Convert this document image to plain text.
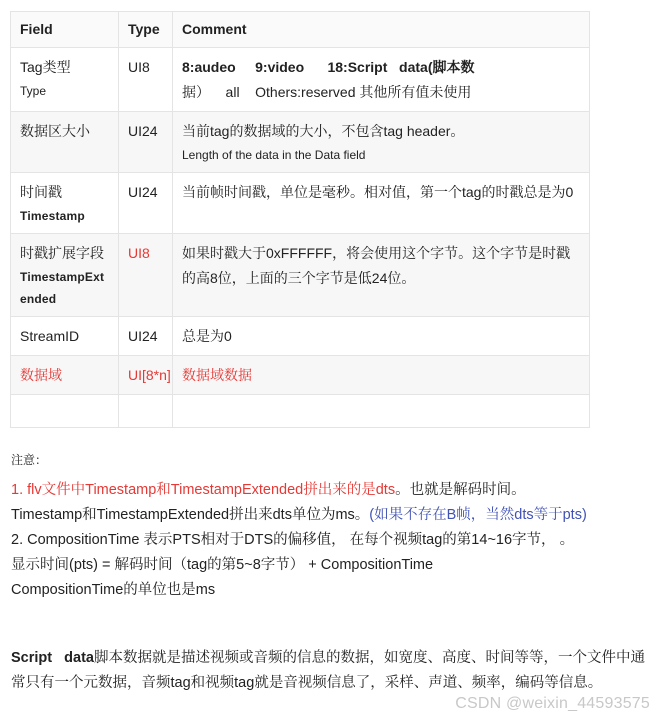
Field	Type	Comment
Tag类型
Type	UI8	8:audeo     9:video      18:Script   data(脚本数
据）    all    Others:reserved 其他所有值未使用

数据区大小	UI24	当前tag的数据域的大小，不包含tag header。
Length of the data in the Data field

时间戳
Timestamp	UI24	当前帧时间戳，单位是毫秒。相对值，第一个tag的时戳总是为0
时戳扩展字段
TimestampExtended	UI8	如果时戳大于0xFFFFFF，将会使用这个字节。这个字节是时戳的高8位，上面的三个字节是低24位。
StreamID	UI24	总是为0
数据域	UI[8*n]	数据域数据

注意：
1. flv文件中Timestamp和TimestampExtended拼出来的是dts。也就是解码时间。
Timestamp和TimestampExtended拼出来dts单位为ms。(如果不存在B帧，当然dts等于pts)
2. CompositionTime 表示PTS相对于DTS的偏移值， 在每个视频tag的第14~16字节， 。
显示时间(pts) = 解码时间（tag的第5~8字节） + CompositionTime
CompositionTime的单位也是ms
Script   data脚本数据就是描述视频或音频的信息的数据，如宽度、高度、时间等等，一个文件中通常只有一个元数据，音频tag和视频tag就是音视频信息了，采样、声道、频率，编码等信息。
CSDN @weixin_44593575
